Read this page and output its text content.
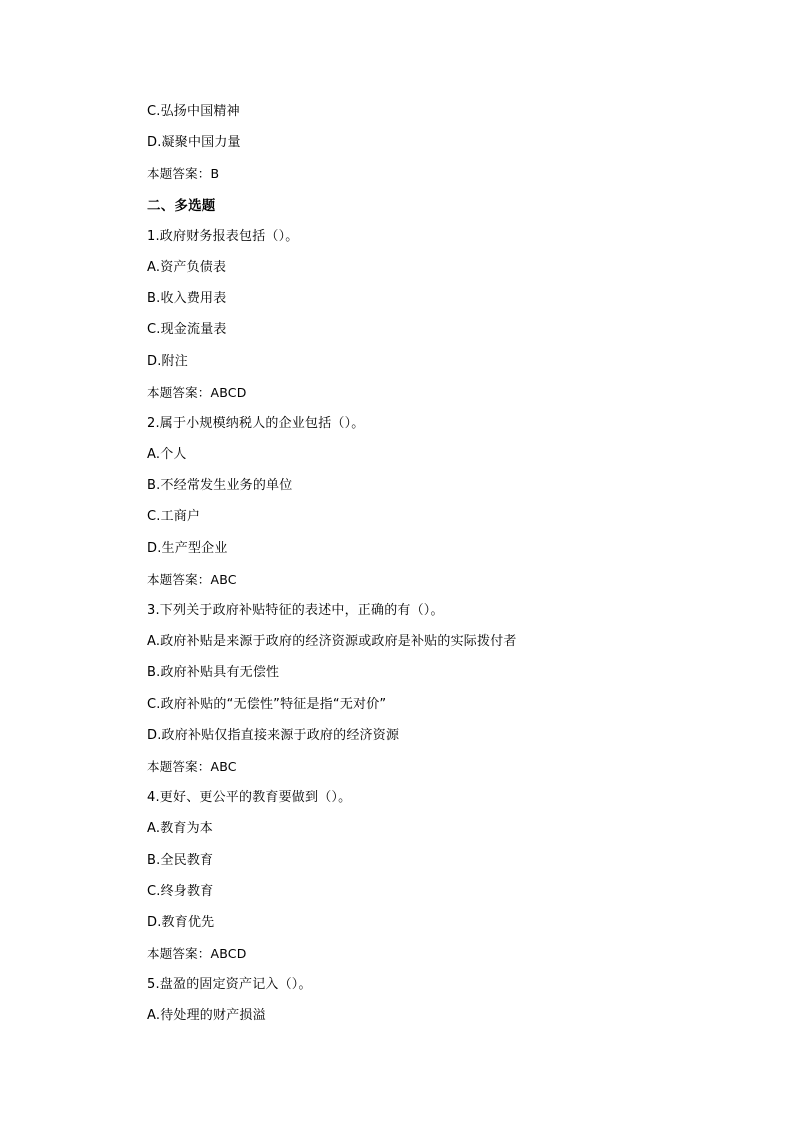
C.弘扬中国精神
D.凝聚中国力量
本题答案：B
二、多选题
1.政府财务报表包括（）。
A.资产负债表
B.收入费用表
C.现金流量表
D.附注
本题答案：ABCD
2.属于小规模纳税人的企业包括（）。
A.个人
B.不经常发生业务的单位
C.工商户
D.生产型企业
本题答案：ABC
3.下列关于政府补贴特征的表述中，正确的有（）。
A.政府补贴是来源于政府的经济资源或政府是补贴的实际拨付者
B.政府补贴具有无偿性
C.政府补贴的“无偿性”特征是指“无对价”
D.政府补贴仅指直接来源于政府的经济资源
本题答案：ABC
4.更好、更公平的教育要做到（）。
A.教育为本
B.全民教育
C.终身教育
D.教育优先
本题答案：ABCD
5.盘盈的固定资产记入（）。
A.待处理的财产损溢
